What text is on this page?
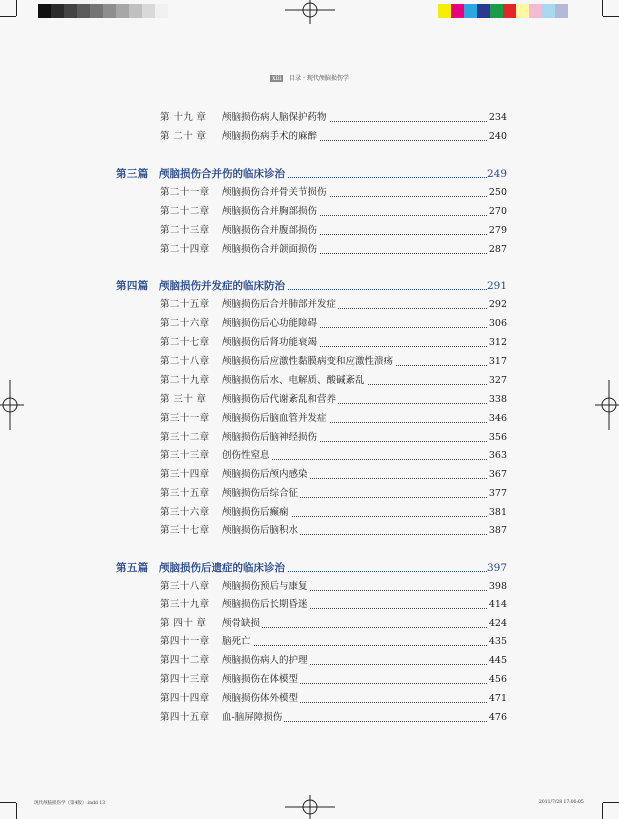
xiii 目录 · 现代颅脑损伤学
第 十九 章	颅脑损伤病人脑保护药物	234
第 二十 章	颅脑损伤病手术的麻醉	240
第三篇 颅脑损伤合并伤的临床诊治	249
第二十一章	颅脑损伤合并骨关节损伤	250
第二十二章	颅脑损伤合并胸部损伤	270
第二十三章	颅脑损伤合并腹部损伤	279
第二十四章	颅脑损伤合并颌面损伤	287
第四篇 颅脑损伤并发症的临床防治	291
第二十五章	颅脑损伤后合并肺部并发症	292
第二十六章	颅脑损伤后心功能障碍	306
第二十七章	颅脑损伤后肾功能衰竭	312
第二十八章	颅脑损伤后应激性黏膜病变和应激性溃疡	317
第二十九章	颅脑损伤后水、电解质、酸碱紊乱	327
第 三十 章	颅脑损伤后代谢紊乱和营养	338
第三十一章	颅脑损伤后脑血管并发症	346
第三十二章	颅脑损伤后脑神经损伤	356
第三十三章	创伤性窒息	363
第三十四章	颅脑损伤后颅内感染	367
第三十五章	颅脑损伤后综合征	377
第三十六章	颅脑损伤后癫痫	381
第三十七章	颅脑损伤后脑积水	387
第五篇 颅脑损伤后遗症的临床诊治	397
第三十八章	颅脑损伤预后与康复	398
第三十九章	颅脑损伤后长期昏迷	414
第 四十 章	颅骨缺损	424
第四十一章	脑死亡	435
第四十二章	颅脑损伤病人的护理	445
第四十三章	颅脑损伤在体模型	456
第四十四章	颅脑损伤体外模型	471
第四十五章	血-脑屏障损伤	476
现代颅脑损伤学（第4版）.indd 13	2011/7/28 17:00:05
